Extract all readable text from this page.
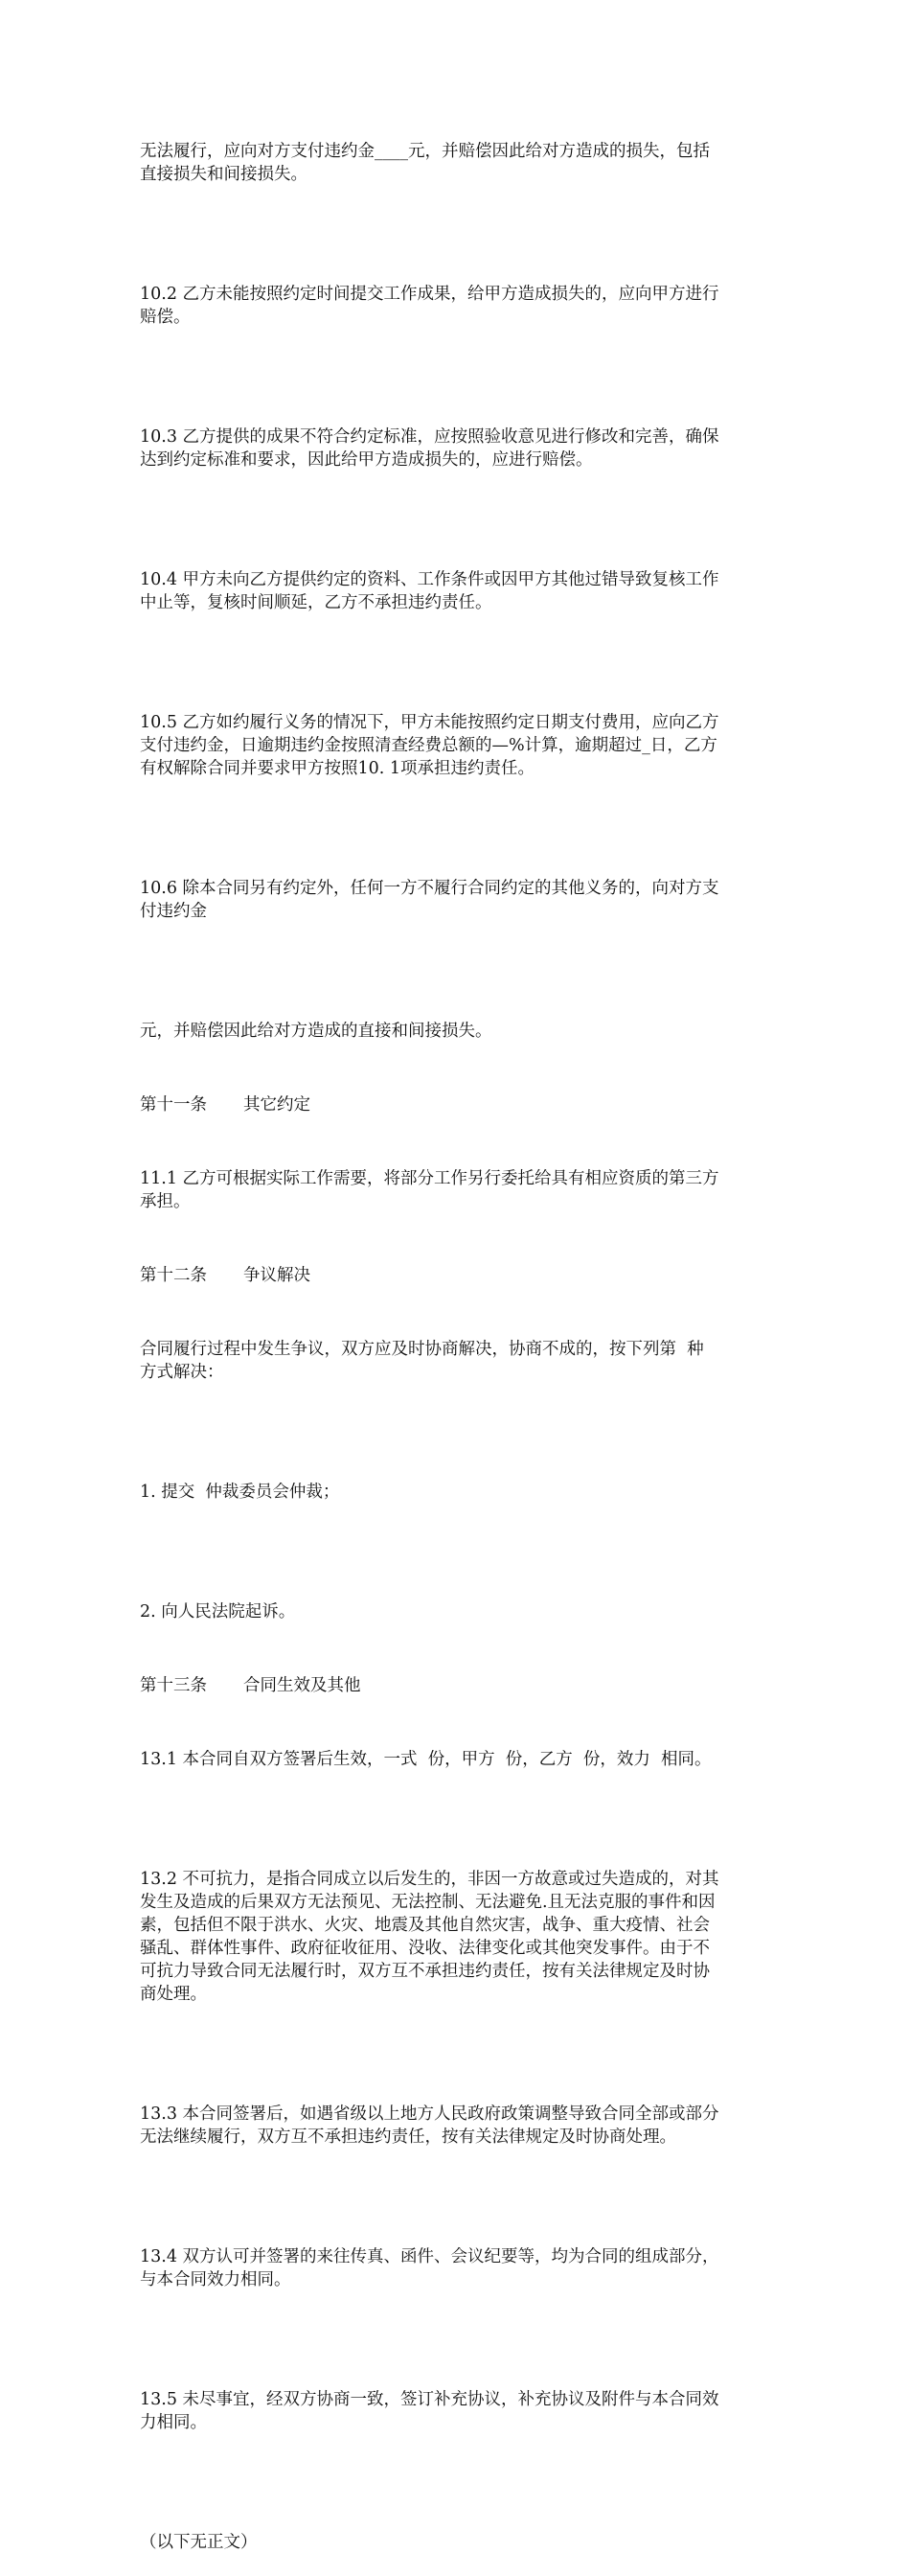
无法履行，应向对方支付违约金____元，并赔偿因此给对方造成的损失，包括
直接损失和间接损失。

10.2 乙方未能按照约定时间提交工作成果，给甲方造成损失的，应向甲方进行
赔偿。

10.3 乙方提供的成果不符合约定标准，应按照验收意见进行修改和完善，确保
达到约定标准和要求，因此给甲方造成损失的，应进行赔偿。

10.4 甲方未向乙方提供约定的资料、工作条件或因甲方其他过错导致复核工作
中止等，复核时间顺延，乙方不承担违约责任。

10.5 乙方如约履行义务的情况下，甲方未能按照约定日期支付费用，应向乙方
支付违约金，日逾期违约金按照清查经费总额的—%计算，逾期超过_日，乙方
有权解除合同并要求甲方按照10. 1项承担违约责任。

10.6 除本合同另有约定外，任何一方不履行合同约定的其他义务的，向对方支
付违约金

元，并赔偿因此给对方造成的直接和间接损失。

第十一条 其它约定

11.1 乙方可根据实际工作需要，将部分工作另行委托给具有相应资质的第三方
承担。

第十二条 争议解决

合同履行过程中发生争议，双方应及时协商解决，协商不成的，按下列第  种
方式解决：

1. 提交  仲裁委员会仲裁；

2. 向人民法院起诉。

第十三条 合同生效及其他

13.1 本合同自双方签署后生效，一式  份，甲方  份，乙方  份，效力  相同。

13.2 不可抗力，是指合同成立以后发生的，非因一方故意或过失造成的，对其
发生及造成的后果双方无法预见、无法控制、无法避免.且无法克服的事件和因
素，包括但不限于洪水、火灾、地震及其他自然灾害，战争、重大疫情、社会
骚乱、群体性事件、政府征收征用、没收、法律变化或其他突发事件。由于不
可抗力导致合同无法履行时，双方互不承担违约责任，按有关法律规定及时协
商处理。

13.3 本合同签署后，如遇省级以上地方人民政府政策调整导致合同全部或部分
无法继续履行，双方互不承担违约责任，按有关法律规定及时协商处理。

13.4 双方认可并签署的来往传真、函件、会议纪要等，均为合同的组成部分，
与本合同效力相同。

13.5 未尽事宜，经双方协商一致，签订补充协议，补充协议及附件与本合同效
力相同。

（以下无正文）
